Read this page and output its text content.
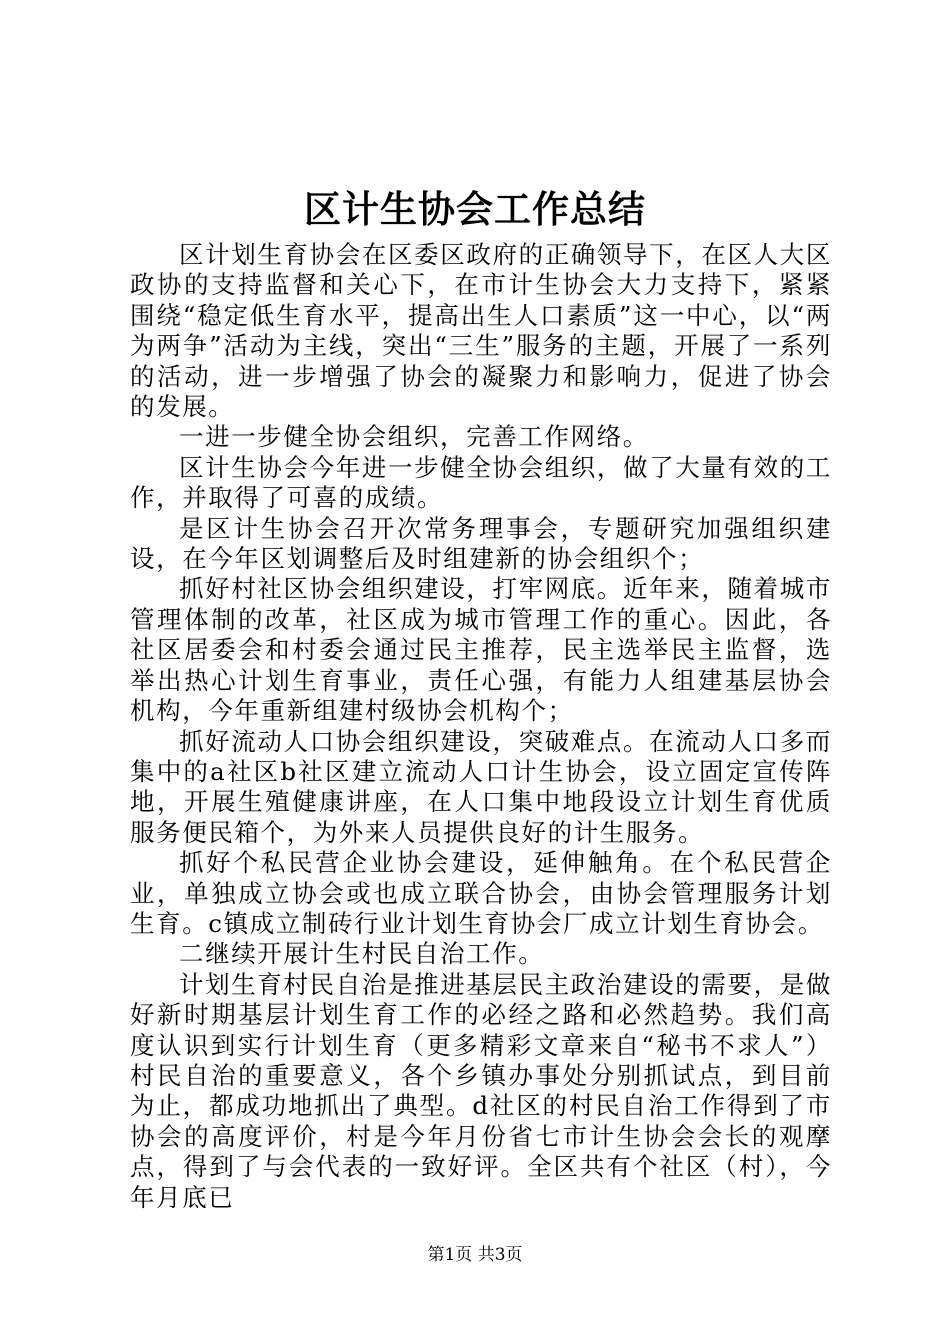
区计生协会工作总结

区计划生育协会在区委区政府的正确领导下，在区人大区政协的支持监督和关心下，在市计生协会大力支持下，紧紧围绕“稳定低生育水平，提高出生人口素质”这一中心，以“两为两争”活动为主线，突出“三生”服务的主题，开展了一系列的活动，进一步增强了协会的凝聚力和影响力，促进了协会的发展。

一进一步健全协会组织，完善工作网络。

区计生协会今年进一步健全协会组织，做了大量有效的工作，并取得了可喜的成绩。

是区计生协会召开次常务理事会，专题研究加强组织建设，在今年区划调整后及时组建新的协会组织个；

抓好村社区协会组织建设，打牢网底。近年来，随着城市管理体制的改革，社区成为城市管理工作的重心。因此，各社区居委会和村委会通过民主推荐，民主选举民主监督，选举出热心计划生育事业，责任心强，有能力人组建基层协会机构，今年重新组建村级协会机构个；

抓好流动人口协会组织建设，突破难点。在流动人口多而集中的a社区b社区建立流动人口计生协会，设立固定宣传阵地，开展生殖健康讲座，在人口集中地段设立计划生育优质服务便民箱个，为外来人员提供良好的计生服务。

抓好个私民营企业协会建设，延伸触角。在个私民营企业，单独成立协会或也成立联合协会，由协会管理服务计划生育。c镇成立制砖行业计划生育协会厂成立计划生育协会。

二继续开展计生村民自治工作。

计划生育村民自治是推进基层民主政治建设的需要，是做好新时期基层计划生育工作的必经之路和必然趋势。我们高度认识到实行计划生育（更多精彩文章来自“秘书不求人”）村民自治的重要意义，各个乡镇办事处分别抓试点，到目前为止，都成功地抓出了典型。d社区的村民自治工作得到了市协会的高度评价，村是今年月份省七市计生协会会长的观摩点，得到了与会代表的一致好评。全区共有个社区（村），今年月底已

第1页 共3页
